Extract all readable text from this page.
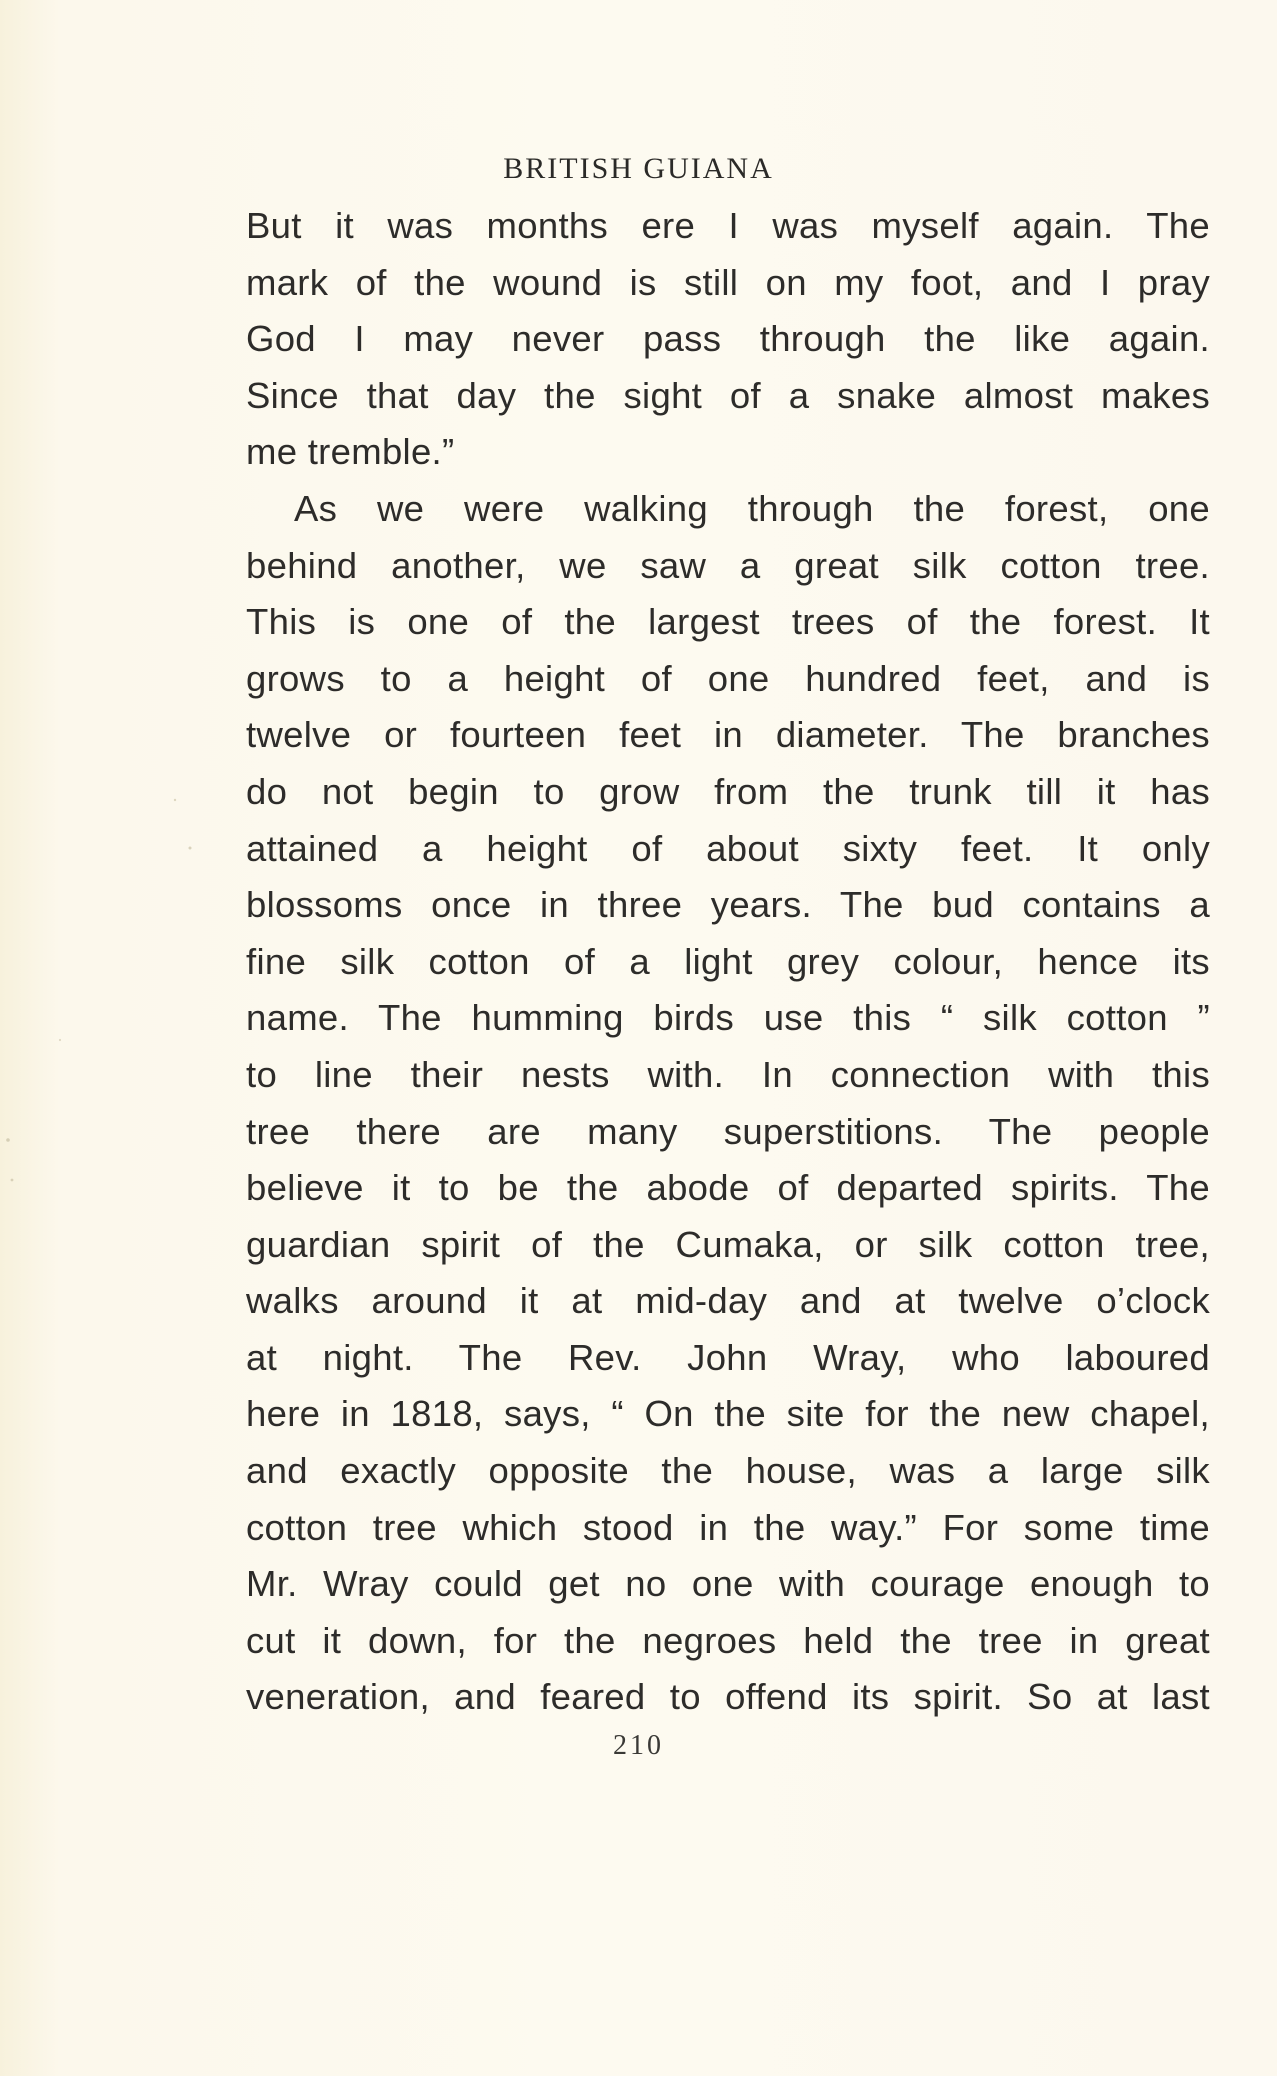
BRITISH GUIANA
But it was months ere I was myself again. The
mark of the wound is still on my foot, and I pray
God I may never pass through the like again.
Since that day the sight of a snake almost makes
me tremble.”
As we were walking through the forest, one
behind another, we saw a great silk cotton tree.
This is one of the largest trees of the forest. It
grows to a height of one hundred feet, and is
twelve or fourteen feet in diameter. The branches
do not begin to grow from the trunk till it has
attained a height of about sixty feet. It only
blossoms once in three years. The bud contains a
fine silk cotton of a light grey colour, hence its
name. The humming birds use this “ silk cotton ”
to line their nests with. In connection with this
tree there are many superstitions. The people
believe it to be the abode of departed spirits. The
guardian spirit of the Cumaka, or silk cotton tree,
walks around it at mid-day and at twelve o’clock
at night. The Rev. John Wray, who laboured
here in 1818, says, “ On the site for the new chapel,
and exactly opposite the house, was a large silk
cotton tree which stood in the way.” For some time
Mr. Wray could get no one with courage enough to
cut it down, for the negroes held the tree in great
veneration, and feared to offend its spirit. So at last
210
